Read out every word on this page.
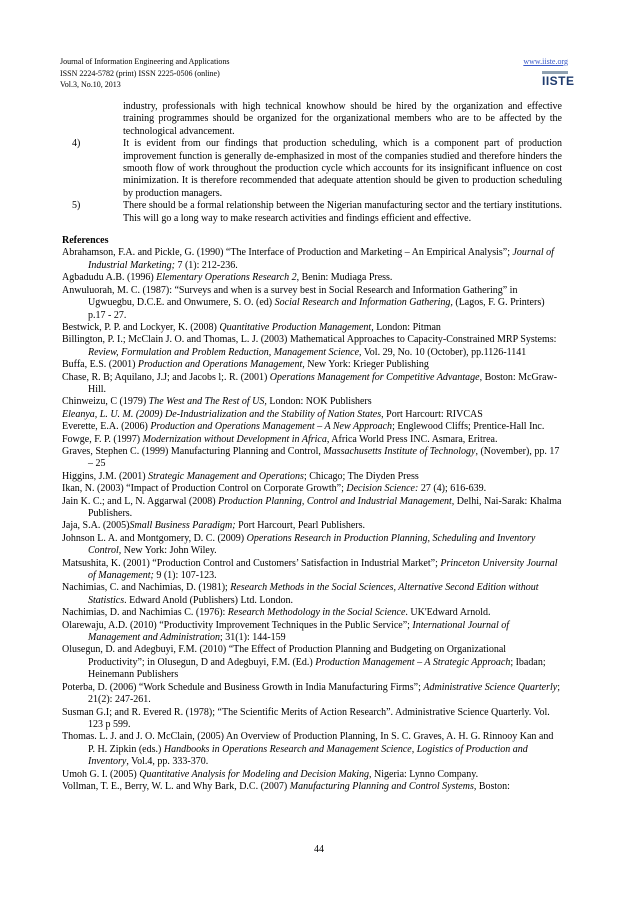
Journal of Information Engineering and Applications
ISSN 2224-5782 (print) ISSN 2225-0506 (online)
Vol.3, No.10, 2013
www.iiste.org
IISTE
industry, professionals with high technical knowhow should be hired by the organization and effective training programmes should be organized for the organizational members who are to be affected by the technological advancement.
4)	It is evident from our findings that production scheduling, which is a component part of production improvement function is generally de-emphasized in most of the companies studied and therefore hinders the smooth flow of work throughout the production cycle which accounts for its insignificant influence on cost minimization. It is therefore recommended that adequate attention should be given to production scheduling by production managers.
5)	There should be a formal relationship between the Nigerian manufacturing sector and the tertiary institutions. This will go a long way to make research activities and findings efficient and effective.
References
Abrahamson, F.A. and Pickle, G. (1990) “The Interface of Production and Marketing – An Empirical Analysis”; Journal of Industrial Marketing; 7 (1): 212-236.
Agbadudu A.B. (1996) Elementary Operations Research 2, Benin: Mudiaga Press.
Anwuluorah, M. C. (1987): “Surveys and when is a survey best in Social Research and Information Gathering” in Ugwuegbu, D.C.E. and Onwumere, S. O. (ed) Social Research and Information Gathering, (Lagos, F. G. Printers) p.17 - 27.
Bestwick, P. P. and Lockyer, K. (2008) Quantitative Production Management, London: Pitman
Billington, P. I.; McClain J. O. and Thomas, L. J. (2003) Mathematical Approaches to Capacity-Constrained MRP Systems: Review, Formulation and Problem Reduction, Management Science, Vol. 29, No. 10 (October), pp.1126-1141
Buffa, E.S. (2001) Production and Operations Management, New York: Krieger Publishing
Chase, R. B; Aquilano, J.J; and Jacobs l;. R. (2001) Operations Management for Competitive Advantage, Boston: McGraw-Hill.
Chinweizu, C (1979) The West and The Rest of US, London: NOK Publishers
Eleanya, L. U. M. (2009) De-Industrialization and the Stability of Nation States, Port Harcourt: RIVCAS
Everette, E.A. (2006) Production and Operations Management – A New Approach; Englewood Cliffs; Prentice-Hall Inc.
Fowge, F. P. (1997) Modernization without Development in Africa, Africa World Press INC. Asmara, Eritrea.
Graves, Stephen C. (1999) Manufacturing Planning and Control, Massachusetts Institute of Technology, (November), pp. 17 – 25
Higgins, J.M. (2001) Strategic Management and Operations; Chicago; The Diyden Press
Ikan, N. (2003) “Impact of Production Control on Corporate Growth”; Decision Science: 27 (4); 616-639.
Jain K. C.; and L, N. Aggarwal (2008) Production Planning, Control and Industrial Management, Delhi, Nai-Sarak: Khalma Publishers.
Jaja, S.A. (2005)Small Business Paradigm; Port Harcourt, Pearl Publishers.
Johnson L. A. and Montgomery, D. C. (2009) Operations Research in Production Planning, Scheduling and Inventory Control, New York: John Wiley.
Matsushita, K. (2001) “Production Control and Customers’ Satisfaction in Industrial Market”; Princeton University Journal of Management; 9 (1): 107-123.
Nachimias, C. and Nachimias, D. (1981); Research Methods in the Social Sciences, Alternative Second Edition without Statistics. Edward Anold (Publishers) Ltd. London.
Nachimias, D. and Nachimias C. (1976): Research Methodology in the Social Science. UK'Edward Arnold.
Olarewaju, A.D. (2010) “Productivity Improvement Techniques in the Public Service”; International Journal of Management and Administration; 31(1): 144-159
Olusegun, D. and Adegbuyi, F.M. (2010) “The Effect of Production Planning and Budgeting on Organizational Productivity”; in Olusegun, D and Adegbuyi, F.M. (Ed.) Production Management – A Strategic Approach; Ibadan; Heinemann Publishers
Poterba, D. (2006) “Work Schedule and Business Growth in India Manufacturing Firms”; Administrative Science Quarterly; 21(2): 247-261.
Susman G.I; and R. Evered R. (1978); “The Scientific Merits of Action Research”. Administrative Science Quarterly. Vol. 123 p 599.
Thomas. L. J. and J. O. McClain, (2005) An Overview of Production Planning, In S. C. Graves, A. H. G. Rinnooy Kan and P. H. Zipkin (eds.) Handbooks in Operations Research and Management Science, Logistics of Production and Inventory, Vol.4, pp. 333-370.
Umoh G. I. (2005) Quantitative Analysis for Modeling and Decision Making, Nigeria: Lynno Company.
Vollman, T. E., Berry, W. L. and Why Bark, D.C. (2007) Manufacturing Planning and Control Systems, Boston:
44
